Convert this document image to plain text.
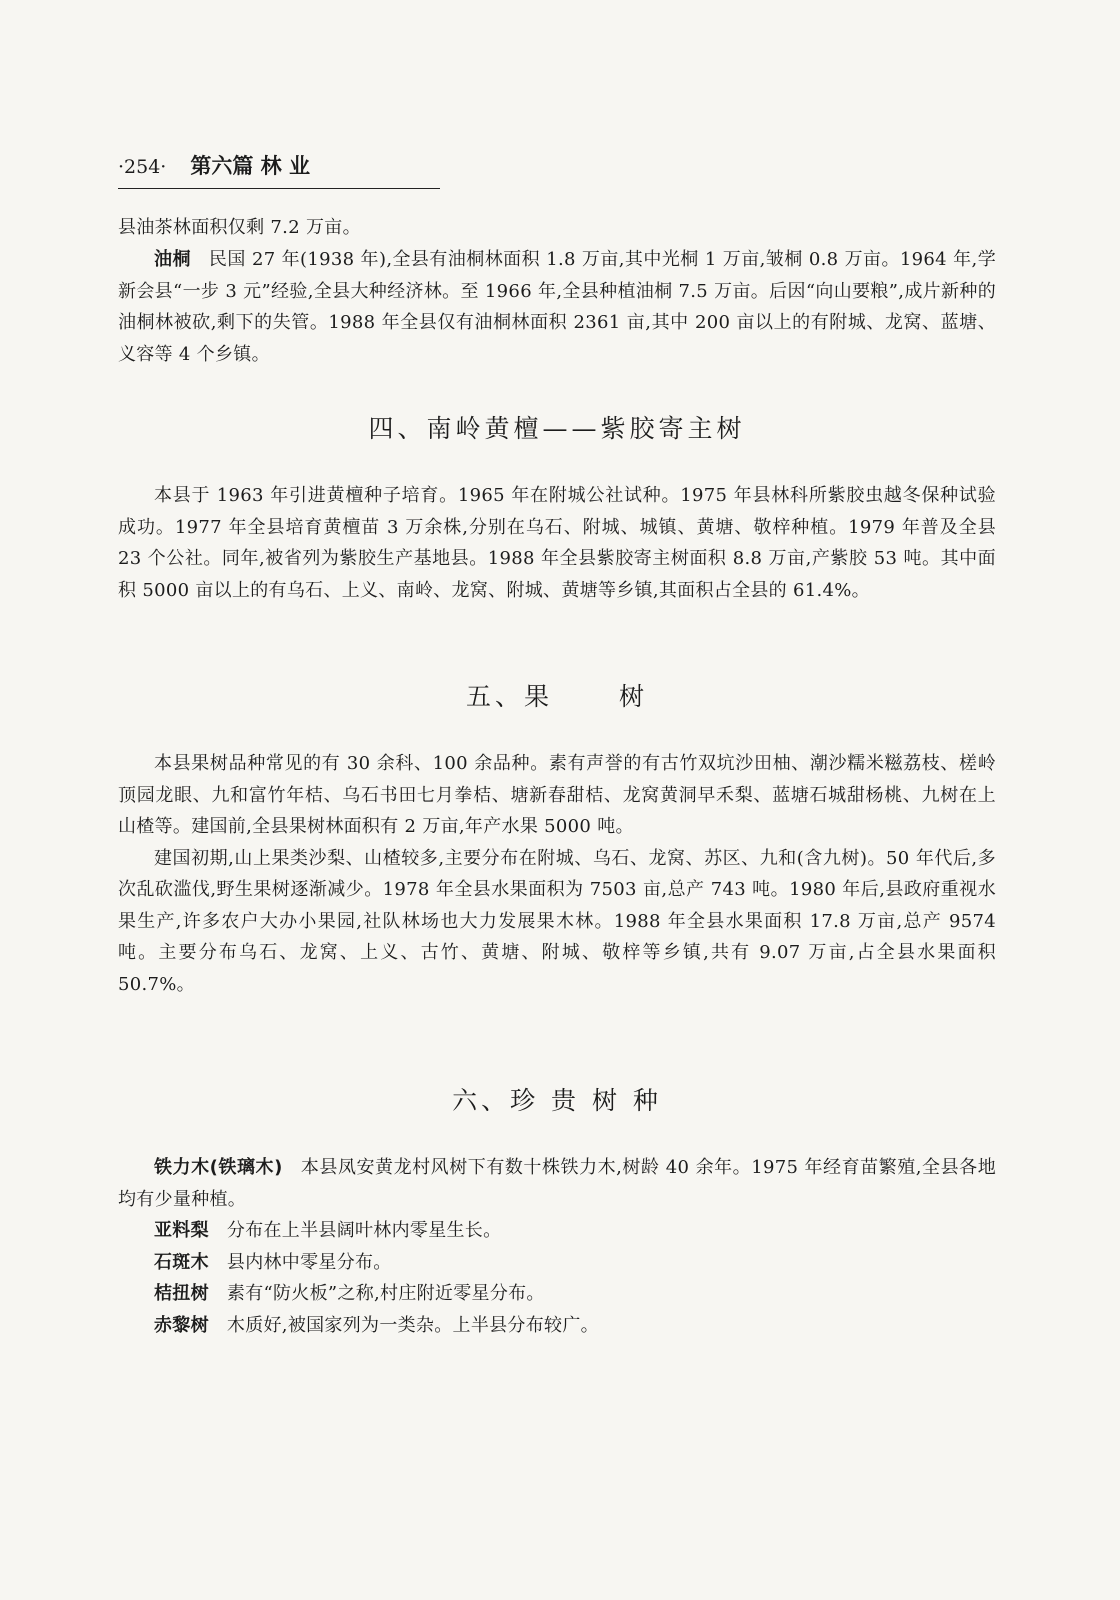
·254· 第六篇 林 业

县油茶林面积仅剩 7.2 万亩。

油桐 民国 27 年(1938 年),全县有油桐林面积 1.8 万亩,其中光桐 1 万亩,皱桐 0.8 万亩。1964 年,学新会县“一步 3 元”经验,全县大种经济林。至 1966 年,全县种植油桐 7.5 万亩。后因“向山要粮”,成片新种的油桐林被砍,剩下的失管。1988 年全县仅有油桐林面积 2361 亩,其中 200 亩以上的有附城、龙窝、蓝塘、义容等 4 个乡镇。

四、南岭黄檀——紫胶寄主树

本县于 1963 年引进黄檀种子培育。1965 年在附城公社试种。1975 年县林科所紫胶虫越冬保种试验成功。1977 年全县培育黄檀苗 3 万余株,分别在乌石、附城、城镇、黄塘、敬梓种植。1979 年普及全县 23 个公社。同年,被省列为紫胶生产基地县。1988 年全县紫胶寄主树面积 8.8 万亩,产紫胶 53 吨。其中面积 5000 亩以上的有乌石、上义、南岭、龙窝、附城、黄塘等乡镇,其面积占全县的 61.4%。

五、果	树

本县果树品种常见的有 30 余科、100 余品种。素有声誉的有古竹双坑沙田柚、潮沙糯米糍荔枝、槎岭顶园龙眼、九和富竹年桔、乌石书田七月拳桔、塘新春甜桔、龙窝黄洞早禾梨、蓝塘石城甜杨桃、九树在上山楂等。建国前,全县果树林面积有 2 万亩,年产水果 5000 吨。

建国初期,山上果类沙梨、山楂较多,主要分布在附城、乌石、龙窝、苏区、九和(含九树)。50 年代后,多次乱砍滥伐,野生果树逐渐减少。1978 年全县水果面积为 7503 亩,总产 743 吨。1980 年后,县政府重视水果生产,许多农户大办小果园,社队林场也大力发展果木林。1988 年全县水果面积 17.8 万亩,总产 9574 吨。主要分布乌石、龙窝、上义、古竹、黄塘、附城、敬梓等乡镇,共有 9.07 万亩,占全县水果面积 50.7%。

六、珍 贵 树 种

铁力木(铁璃木) 本县凤安黄龙村风树下有数十株铁力木,树龄 40 余年。1975 年经育苗繁殖,全县各地均有少量种植。

亚料梨 分布在上半县阔叶林内零星生长。

石斑木 县内林中零星分布。

桔扭树 素有“防火板”之称,村庄附近零星分布。

赤黎树 木质好,被国家列为一类杂。上半县分布较广。
